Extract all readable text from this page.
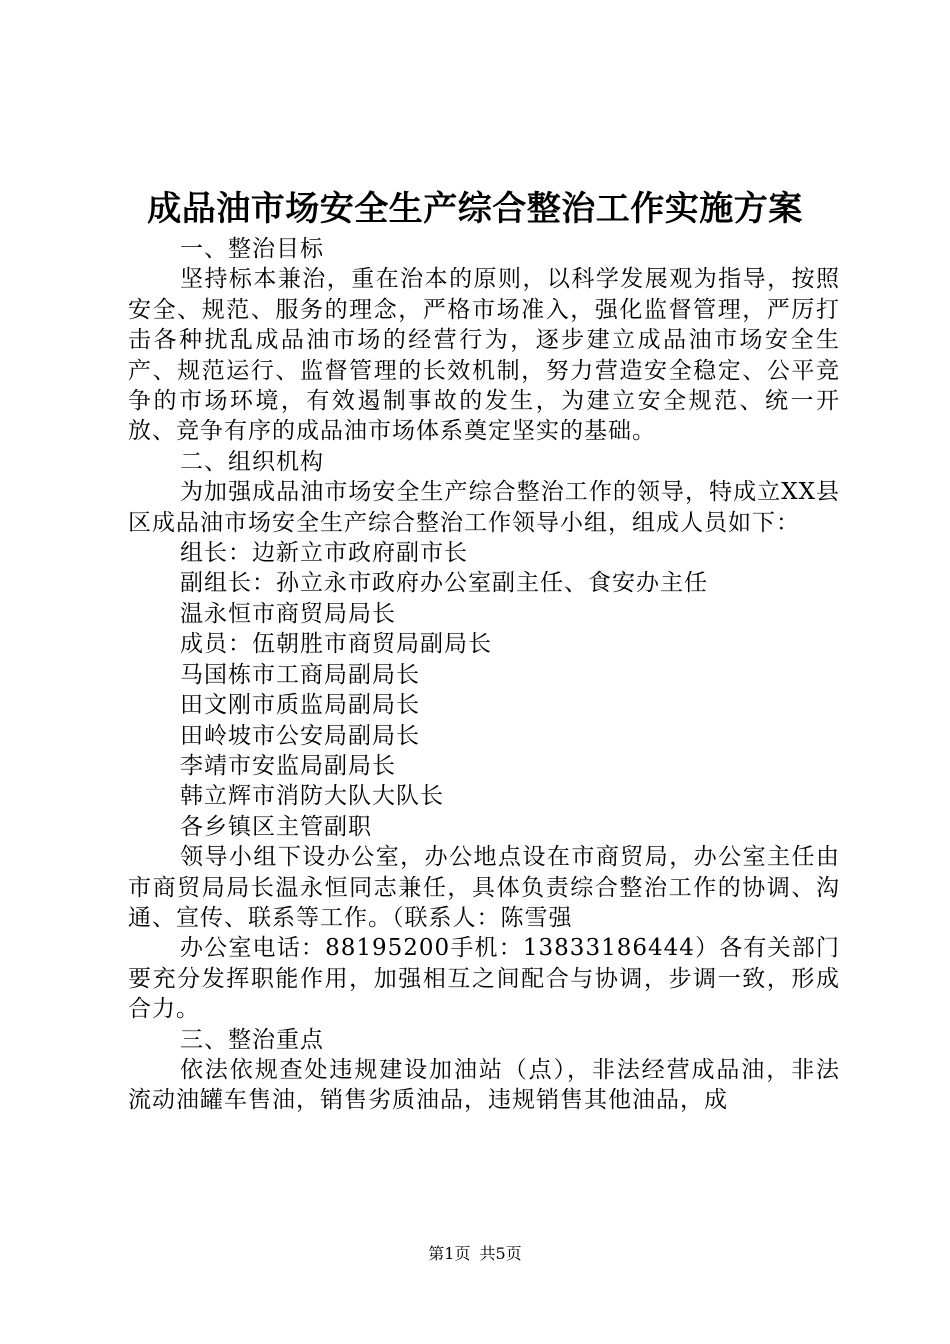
成品油市场安全生产综合整治工作实施方案

一、整治目标

坚持标本兼治，重在治本的原则，以科学发展观为指导，按照安全、规范、服务的理念，严格市场准入，强化监督管理，严厉打击各种扰乱成品油市场的经营行为，逐步建立成品油市场安全生产、规范运行、监督管理的长效机制，努力营造安全稳定、公平竞争的市场环境，有效遏制事故的发生，为建立安全规范、统一开放、竞争有序的成品油市场体系奠定坚实的基础。

二、组织机构

为加强成品油市场安全生产综合整治工作的领导，特成立XX县区成品油市场安全生产综合整治工作领导小组，组成人员如下：

组长：边新立市政府副市长

副组长：孙立永市政府办公室副主任、食安办主任

温永恒市商贸局局长

成员：伍朝胜市商贸局副局长

马国栋市工商局副局长

田文刚市质监局副局长

田岭坡市公安局副局长

李靖市安监局副局长

韩立辉市消防大队大队长

各乡镇区主管副职

领导小组下设办公室，办公地点设在市商贸局，办公室主任由市商贸局局长温永恒同志兼任，具体负责综合整治工作的协调、沟通、宣传、联系等工作。（联系人：陈雪强

办公室电话：88195200手机：13833186444）各有关部门要充分发挥职能作用，加强相互之间配合与协调，步调一致，形成合力。

三、整治重点

依法依规查处违规建设加油站（点），非法经营成品油，非法流动油罐车售油，销售劣质油品，违规销售其他油品，成

第1页 共5页
